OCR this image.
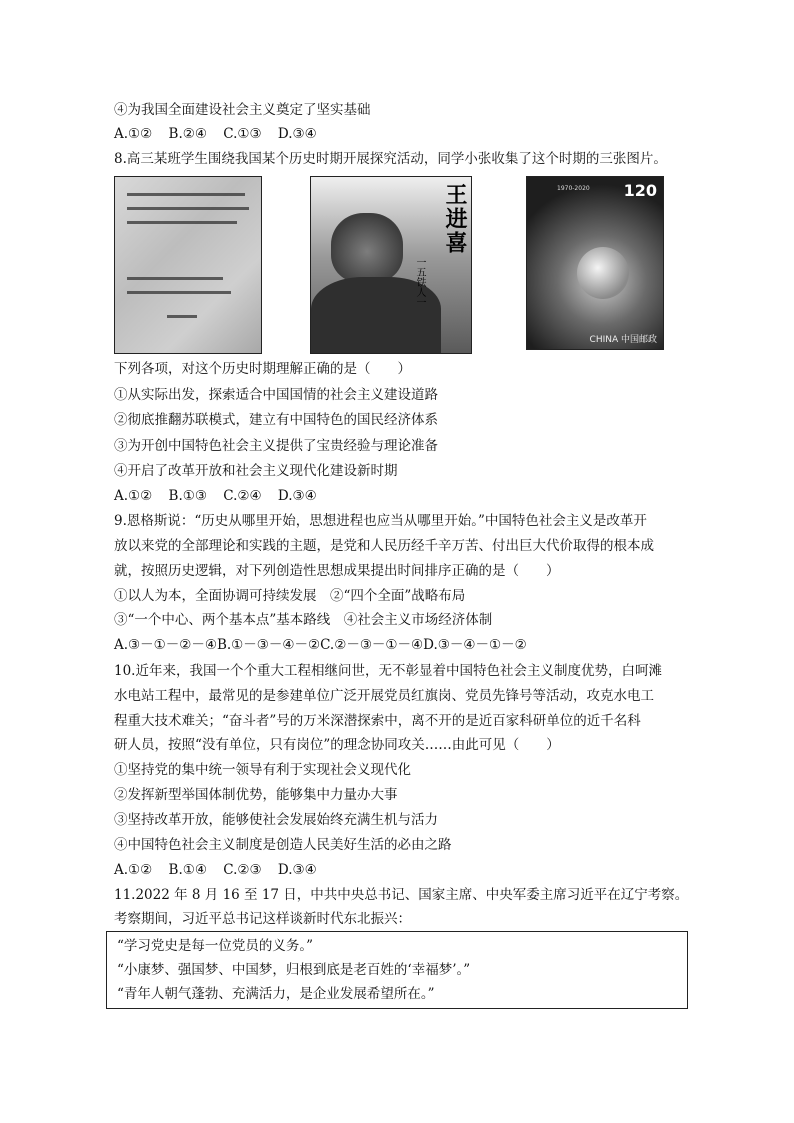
④为我国全面建设社会主义奠定了坚实基础
A.①② B.②④ C.①③ D.③④
8.高三某班学生围绕我国某个历史时期开展探究活动，同学小张收集了这个时期的三张图片。
王进喜
一五铁人一
1970-2020 120
CHINA 中国邮政
下列各项，对这个历史时期理解正确的是（　　）
①从实际出发，探索适合中国国情的社会主义建设道路
②彻底推翻苏联模式，建立有中国特色的国民经济体系
③为开创中国特色社会主义提供了宝贵经验与理论准备
④开启了改革开放和社会主义现代化建设新时期
A.①② B.①③ C.②④ D.③④
9.恩格斯说：“历史从哪里开始，思想进程也应当从哪里开始。”中国特色社会主义是改革开
放以来党的全部理论和实践的主题，是党和人民历经千辛万苦、付出巨大代价取得的根本成
就，按照历史逻辑，对下列创造性思想成果提出时间排序正确的是（　　）
①以人为本，全面协调可持续发展　②“四个全面”战略布局
③“一个中心、两个基本点”基本路线　④社会主义市场经济体制
A.③－①－②－④B.①－③－④－②C.②－③－①－④D.③－④－①－②
10.近年来，我国一个个重大工程相继问世，无不彰显着中国特色社会主义制度优势，白呵滩
水电站工程中，最常见的是参建单位广泛开展党员红旗岗、党员先锋号等活动，攻克水电工
程重大技术难关；“奋斗者”号的万米深潜探索中，离不开的是近百家科研单位的近千名科
研人员，按照“没有单位，只有岗位”的理念协同攻关……由此可见（　　）
①坚持党的集中统一领导有利于实现社会义现代化
②发挥新型举国体制优势，能够集中力量办大事
③坚持改革开放，能够使社会发展始终充满生机与活力
④中国特色社会主义制度是创造人民美好生活的必由之路
A.①② B.①④ C.②③ D.③④
11.2022 年 8 月 16 至 17 日，中共中央总书记、国家主席、中央军委主席习近平在辽宁考察。
考察期间，习近平总书记这样谈新时代东北振兴：
“学习党史是每一位党员的义务。”
“小康梦、强国梦、中国梦，归根到底是老百姓的‘幸福梦’。”
“青年人朝气蓬勃、充满活力，是企业发展希望所在。”
